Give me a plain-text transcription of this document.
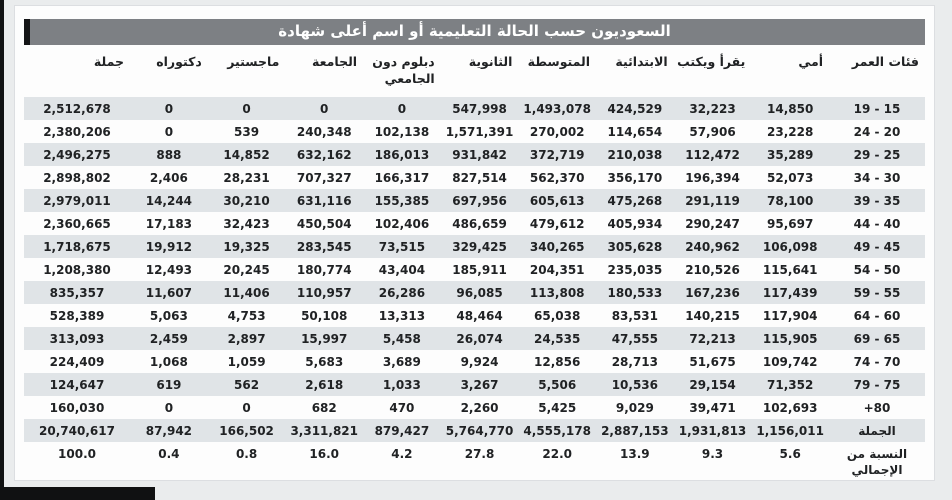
السعوديون حسب الحالة التعليمية أو اسم أعلى شهادة
فئات العمر	أمي	يقرأ ويكتب	الابتدائية	المتوسطة	الثانوية	دبلوم دون الجامعي	الجامعة	ماجستير	دكتوراه	جملة
19 - 15	14,850	32,223	424,529	1,493,078	547,998	0	0	0	0	2,512,678
24 - 20	23,228	57,906	114,654	270,002	1,571,391	102,138	240,348	539	0	2,380,206
29 - 25	35,289	112,472	210,038	372,719	931,842	186,013	632,162	14,852	888	2,496,275
34 - 30	52,073	196,394	356,170	562,370	827,514	166,317	707,327	28,231	2,406	2,898,802
39 - 35	78,100	291,119	475,268	605,613	697,956	155,385	631,116	30,210	14,244	2,979,011
44 - 40	95,697	290,247	405,934	479,612	486,659	102,406	450,504	32,423	17,183	2,360,665
49 - 45	106,098	240,962	305,628	340,265	329,425	73,515	283,545	19,325	19,912	1,718,675
54 - 50	115,641	210,526	235,035	204,351	185,911	43,404	180,774	20,245	12,493	1,208,380
59 - 55	117,439	167,236	180,533	113,808	96,085	26,286	110,957	11,406	11,607	835,357
64 - 60	117,904	140,215	83,531	65,038	48,464	13,313	50,108	4,753	5,063	528,389
69 - 65	115,905	72,213	47,555	24,535	26,074	5,458	15,997	2,897	2,459	313,093
74 - 70	109,742	51,675	28,713	12,856	9,924	3,689	5,683	1,059	1,068	224,409
79 - 75	71,352	29,154	10,536	5,506	3,267	1,033	2,618	562	619	124,647
+80	102,693	39,471	9,029	5,425	2,260	470	682	0	0	160,030
الجملة	1,156,011	1,931,813	2,887,153	4,555,178	5,764,770	879,427	3,311,821	166,502	87,942	20,740,617
النسبة من الإجمالي	5.6	9.3	13.9	22.0	27.8	4.2	16.0	0.8	0.4	100.0
